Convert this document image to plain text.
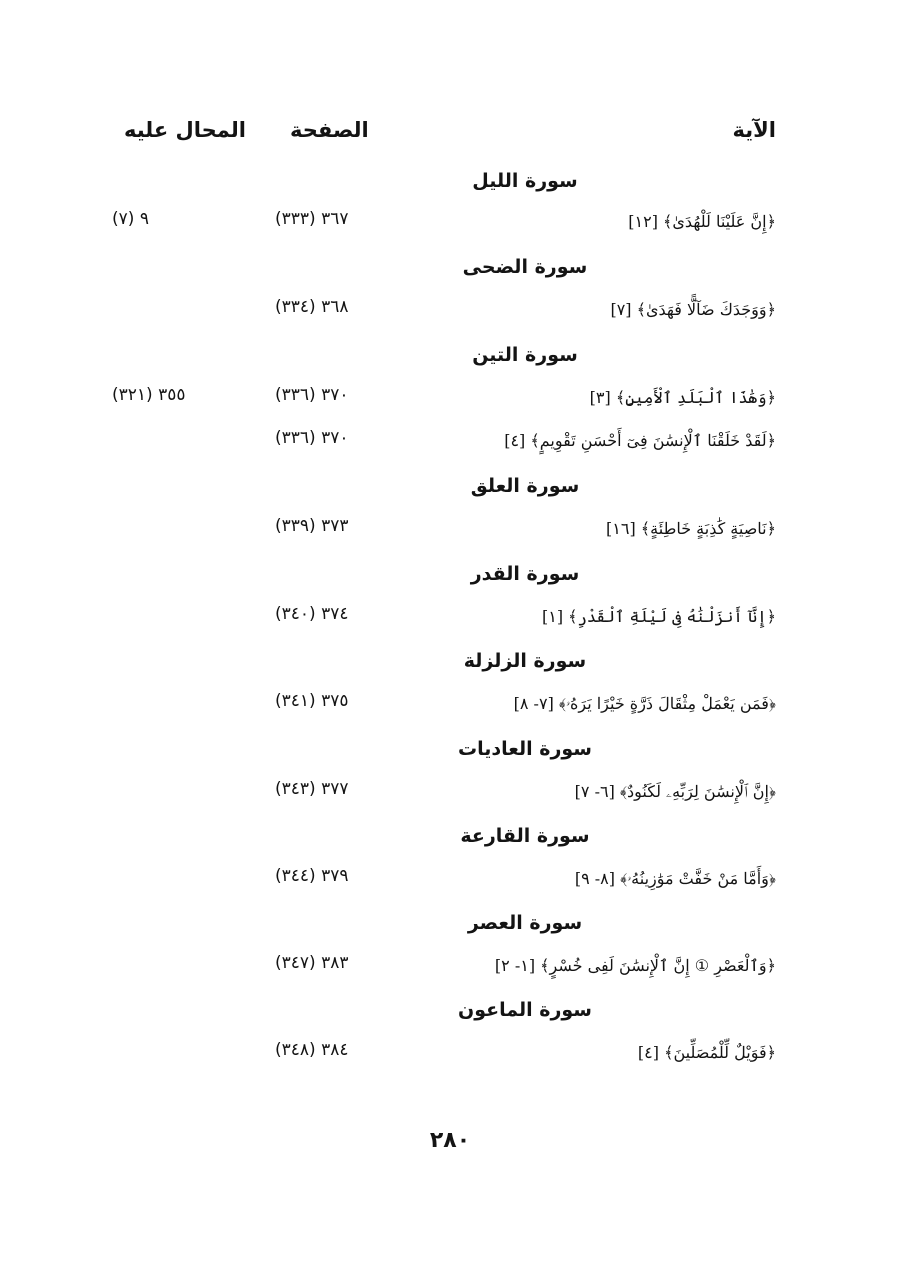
الآية
الصفحة
المحال عليه
سورة الليل
﴿إِنَّ عَلَيْنَا لَلْهُدَىٰ﴾ [١٢]
٣٦٧ (٣٣٣)
٩ (٧)
سورة الضحى
﴿وَوَجَدَكَ ضَآلًّا فَهَدَىٰ﴾ [٧]
٣٦٨ (٣٣٤)
سورة التين
﴿وَهَٰذَا ٱلْبَلَدِ ٱلْأَمِينِ﴾ [٣]
٣٧٠ (٣٣٦)
٣٥٥ (٣٢١)
﴿لَقَدْ خَلَقْنَا ٱلْإِنسَٰنَ فِىٓ أَحْسَنِ تَقْوِيمٍ﴾ [٤]
٣٧٠ (٣٣٦)
سورة العلق
﴿نَاصِيَةٍ كَٰذِبَةٍ خَاطِئَةٍ﴾ [١٦]
٣٧٣ (٣٣٩)
سورة القدر
﴿إِنَّآ أَنزَلْنَٰهُ فِى لَيْلَةِ ٱلْقَدْرِ﴾ [١]
٣٧٤ (٣٤٠)
سورة الزلزلة
﴿فَمَن يَعْمَلْ مِثْقَالَ ذَرَّةٍ خَيْرًا يَرَهُۥ﴾ [٧- ٨]
٣٧٥ (٣٤١)
سورة العاديات
﴿إِنَّ ٱلْإِنسَٰنَ لِرَبِّهِۦ لَكَنُودٌ﴾ [٦- ٧]
٣٧٧ (٣٤٣)
سورة القارعة
﴿وَأَمَّا مَنْ خَفَّتْ مَوَٰزِينُهُۥ﴾ [٨- ٩]
٣٧٩ (٣٤٤)
سورة العصر
﴿وَٱلْعَصْرِ ① إِنَّ ٱلْإِنسَٰنَ لَفِى خُسْرٍ﴾ [١- ٢]
٣٨٣ (٣٤٧)
سورة الماعون
﴿فَوَيْلٌ لِّلْمُصَلِّينَ﴾ [٤]
٣٨٤ (٣٤٨)
٢٨٠
